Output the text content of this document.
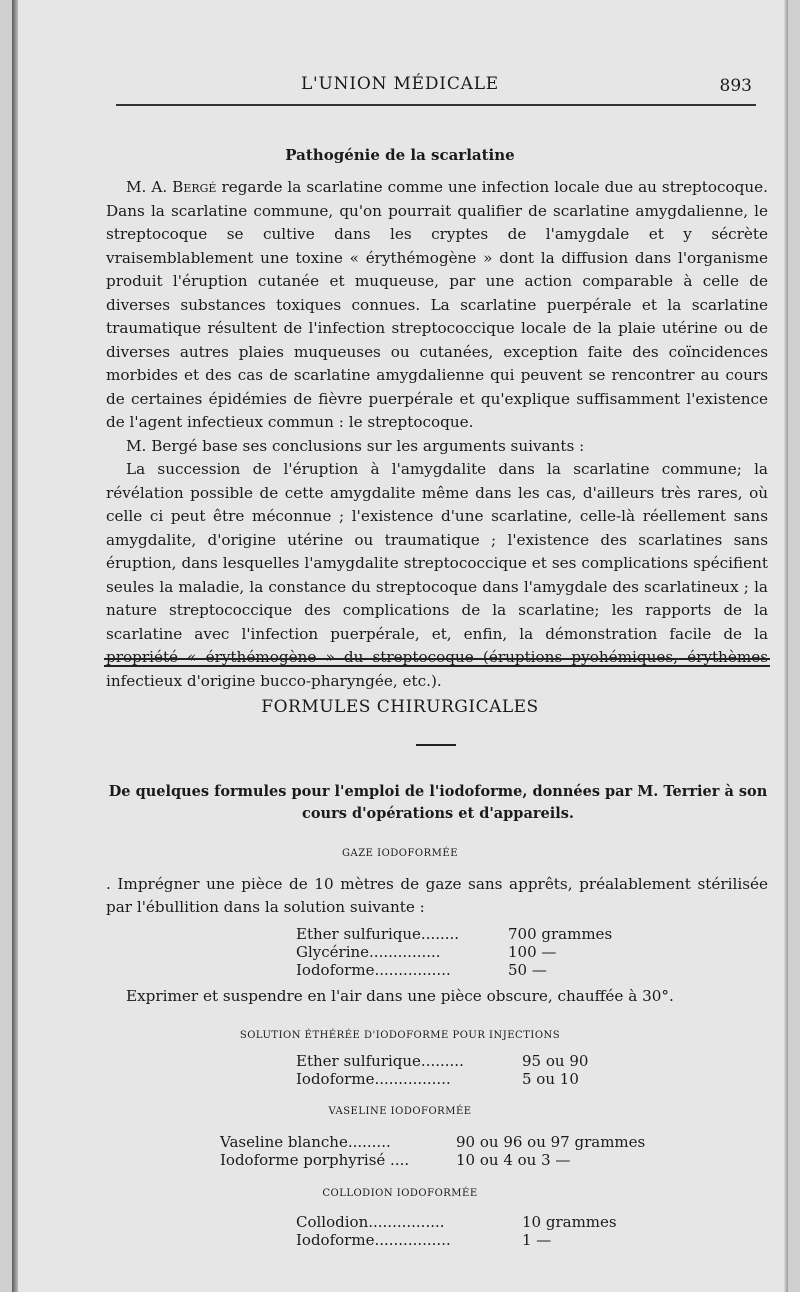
L'UNION MÉDICALE	893
Pathogénie de la scarlatine

M. A. Bergé regarde la scarlatine comme une infection locale due au streptocoque. Dans la scarlatine commune, qu'on pourrait qualifier de scarlatine amygdalienne, le streptocoque se cultive dans les cryptes de l'amygdale et y sécrète vraisemblablement une toxine « érythémogène » dont la diffusion dans l'organisme produit l'éruption cutanée et muqueuse, par une action comparable à celle de diverses substances toxiques connues. La scarlatine puerpérale et la scarlatine traumatique résultent de l'infection streptococcique locale de la plaie utérine ou de diverses autres plaies muqueuses ou cutanées, exception faite des coïncidences morbides et des cas de scarlatine amygdalienne qui peuvent se rencontrer au cours de certaines épidémies de fièvre puerpérale et qu'explique suffisamment l'existence de l'agent infectieux commun : le streptocoque.

M. Bergé base ses conclusions sur les arguments suivants :

La succession de l'éruption à l'amygdalite dans la scarlatine commune; la révélation possible de cette amygdalite même dans les cas, d'ailleurs très rares, où celle ci peut être méconnue ; l'existence d'une scarlatine, celle-là réellement sans amygdalite, d'origine utérine ou traumatique ; l'existence des scarlatines sans éruption, dans lesquelles l'amygdalite streptococcique et ses complications spécifient seules la maladie, la constance du streptocoque dans l'amygdale des scarlatineux ; la nature streptococcique des complications de la scarlatine; les rapports de la scarlatine avec l'infection puerpérale, et, enfin, la démonstration facile de la propriété « érythémogène » du streptocoque (éruptions pyohémiques, érythèmes infectieux d'origine bucco-pharyngée, etc.).

FORMULES CHIRURGICALES
De quelques formules pour l'emploi de l'iodoforme, données par M. Terrier à son cours d'opérations et d'appareils.
GAZE IODOFORMÉE

. Imprégner une pièce de 10 mètres de gaze sans apprêts, préalablement stérilisée par l'ébullition dans la solution suivante :

Ether sulfurique........	700 grammes
Glycérine...............	100 —
Iodoforme................	50 —

Exprimer et suspendre en l'air dans une pièce obscure, chauffée à 30°.

SOLUTION ÉTHÉRÉE D'IODOFORME POUR INJECTIONS
Ether sulfurique.........	95 ou 90
Iodoforme................	5 ou 10
VASELINE IODOFORMÉE
Vaseline blanche.........	90 ou 96 ou 97 grammes
Iodoforme porphyrisé ....	10 ou 4 ou 3 —
COLLODION IODOFORMÉE
Collodion................	10 grammes
Iodoforme................	1 —
